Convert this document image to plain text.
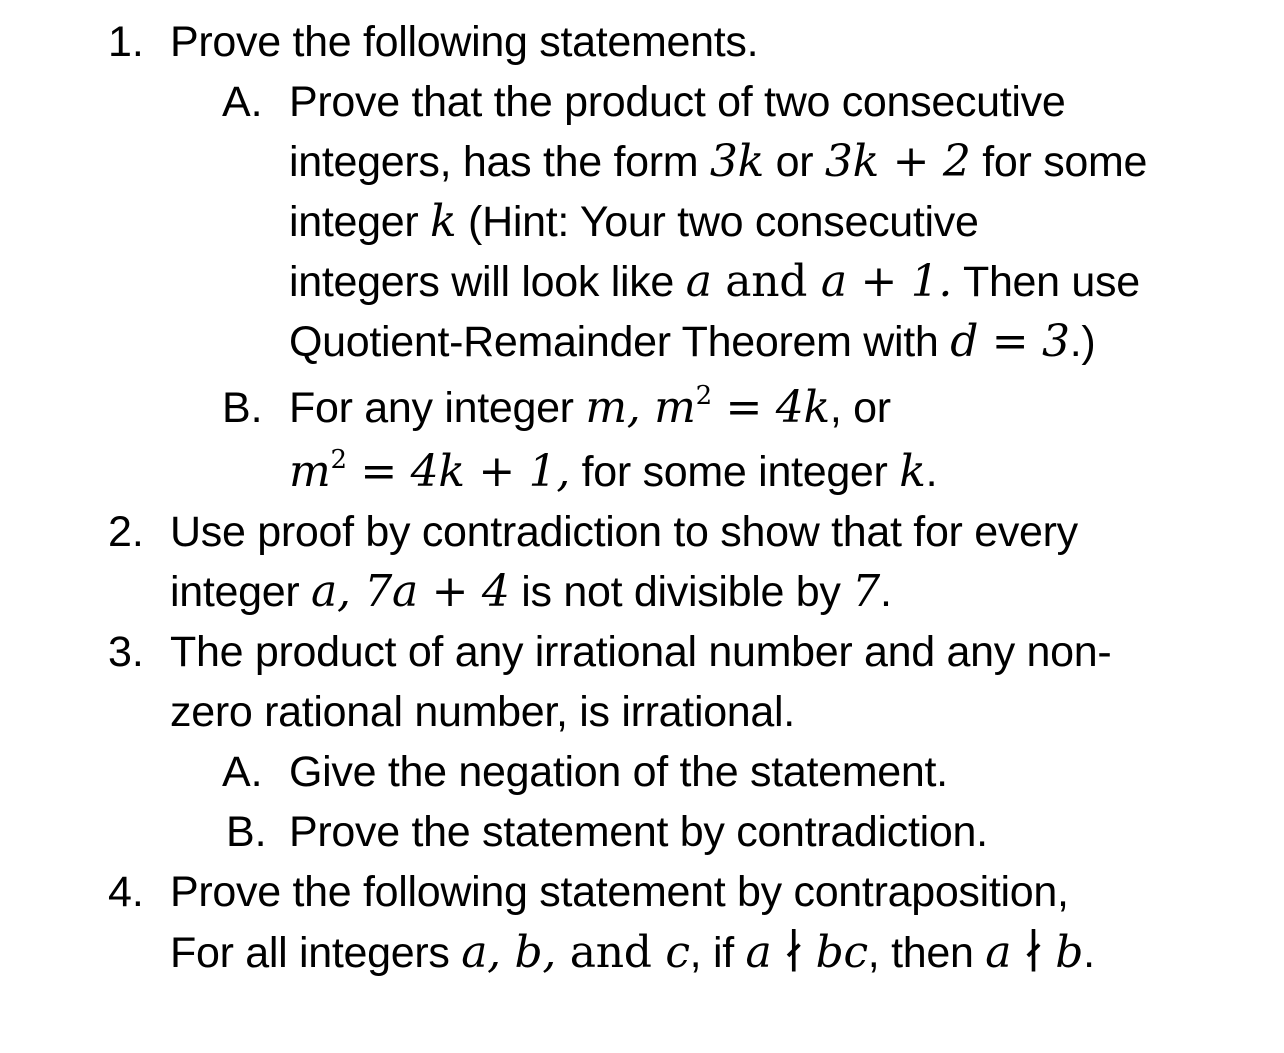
1. Prove the following statements.
A. Prove that the product of two consecutive
integers, has the form 3k or 3k + 2 for some
integer k (Hint: Your two consecutive
integers will look like a and a + 1. Then use
Quotient-Remainder Theorem with d = 3.)
B. For any integer m, $m^2 = 4k$, or
$m^2 = 4k + 1$, for some integer k.
2. Use proof by contradiction to show that for every
integer a, 7a + 4 is not divisible by 7.
3. The product of any irrational number and any non-
zero rational number, is irrational.
A. Give the negation of the statement.
B. Prove the statement by contradiction.
4. Prove the following statement by contraposition,
For all integers a, b, and c, if a ∤ bc, then a ∤ b.
